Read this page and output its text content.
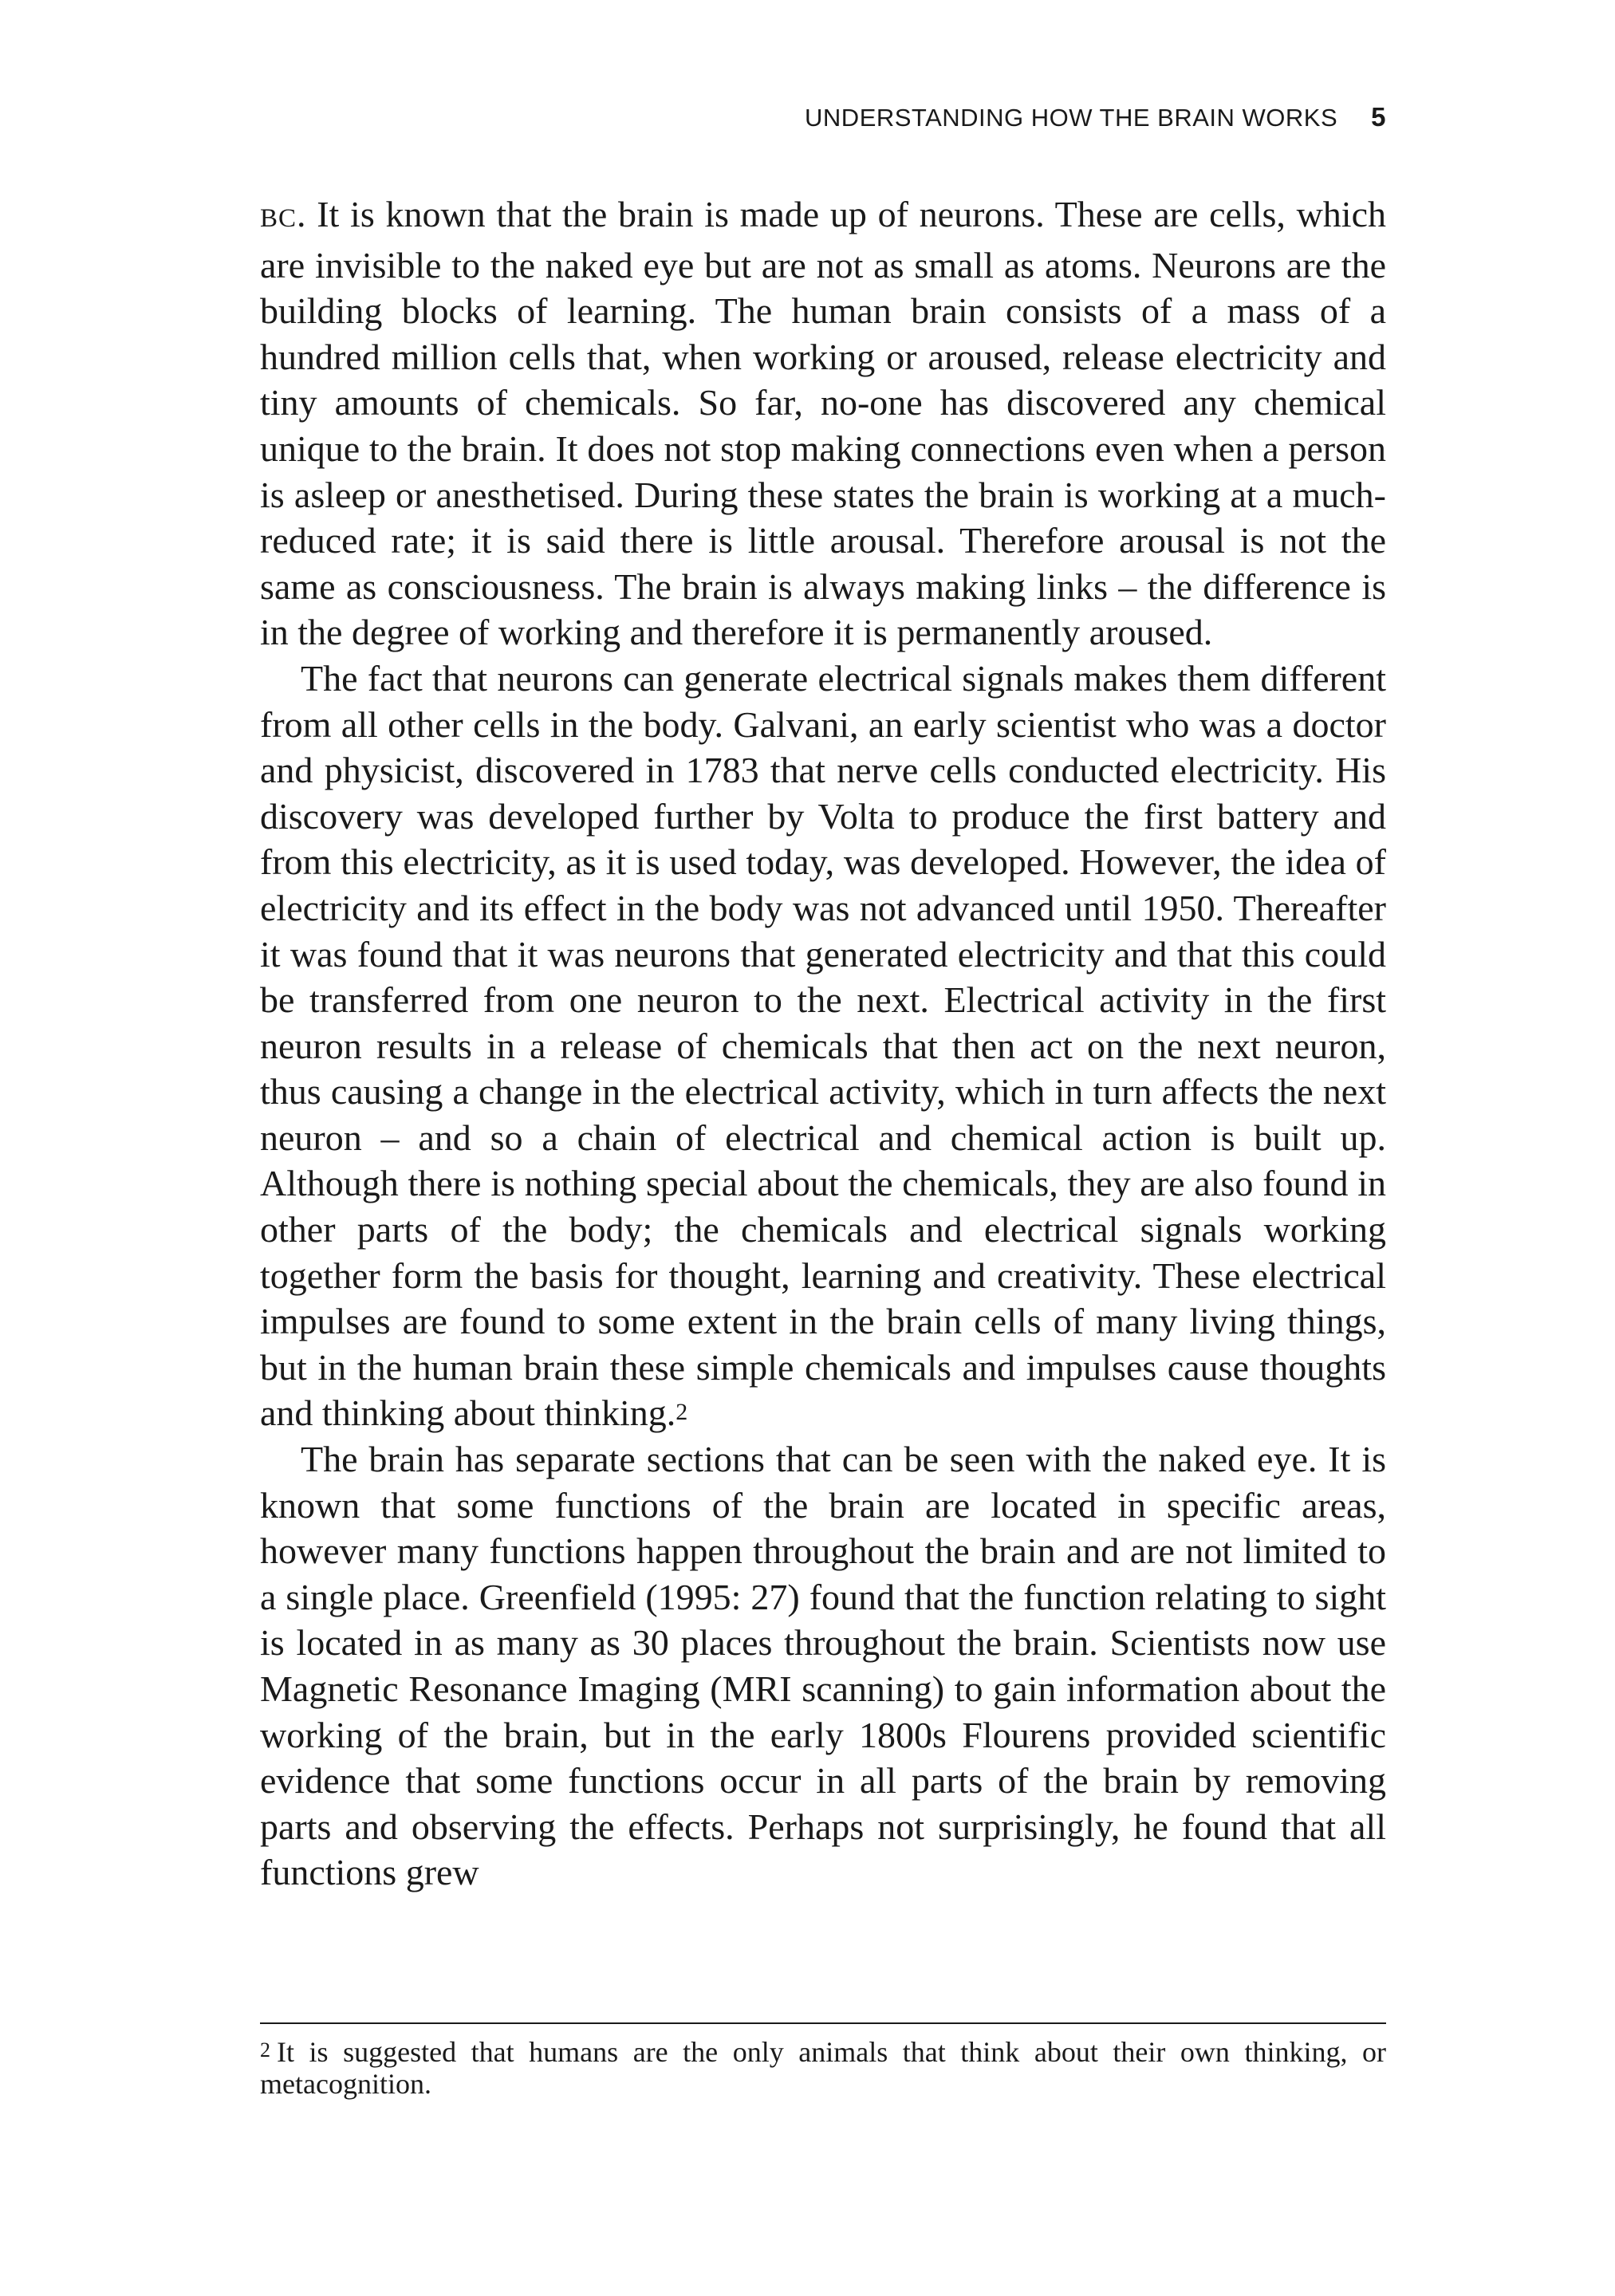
UNDERSTANDING HOW THE BRAIN WORKS 5

BC. It is known that the brain is made up of neurons. These are cells, which are invisible to the naked eye but are not as small as atoms. Neurons are the building blocks of learning. The human brain consists of a mass of a hundred million cells that, when working or aroused, release electricity and tiny amounts of chemicals. So far, no-one has discovered any chemical unique to the brain. It does not stop making connections even when a person is asleep or anesthetised. During these states the brain is working at a much-reduced rate; it is said there is little arousal. Therefore arousal is not the same as consciousness. The brain is always making links – the difference is in the degree of working and therefore it is permanently aroused.

The fact that neurons can generate electrical signals makes them different from all other cells in the body. Galvani, an early scientist who was a doctor and physicist, discovered in 1783 that nerve cells conducted electricity. His discovery was developed further by Volta to produce the first battery and from this electricity, as it is used today, was developed. However, the idea of electricity and its effect in the body was not advanced until 1950. Thereafter it was found that it was neurons that generated electricity and that this could be transferred from one neuron to the next. Electrical activity in the first neuron results in a release of chemicals that then act on the next neuron, thus causing a change in the electrical activity, which in turn affects the next neuron – and so a chain of electrical and chemical action is built up. Although there is nothing special about the chemicals, they are also found in other parts of the body; the chemicals and electrical signals working together form the basis for thought, learning and creativity. These electrical impulses are found to some extent in the brain cells of many living things, but in the human brain these simple chemicals and impulses cause thoughts and thinking about thinking.$^2$

The brain has separate sections that can be seen with the naked eye. It is known that some functions of the brain are located in specific areas, however many functions happen throughout the brain and are not limited to a single place. Greenfield (1995: 27) found that the function relating to sight is located in as many as 30 places throughout the brain. Scientists now use Magnetic Resonance Imaging (MRI scanning) to gain information about the working of the brain, but in the early 1800s Flourens provided scientific evidence that some functions occur in all parts of the brain by removing parts and observing the effects. Perhaps not surprisingly, he found that all functions grew

$^2$ It is suggested that humans are the only animals that think about their own thinking, or metacognition.
